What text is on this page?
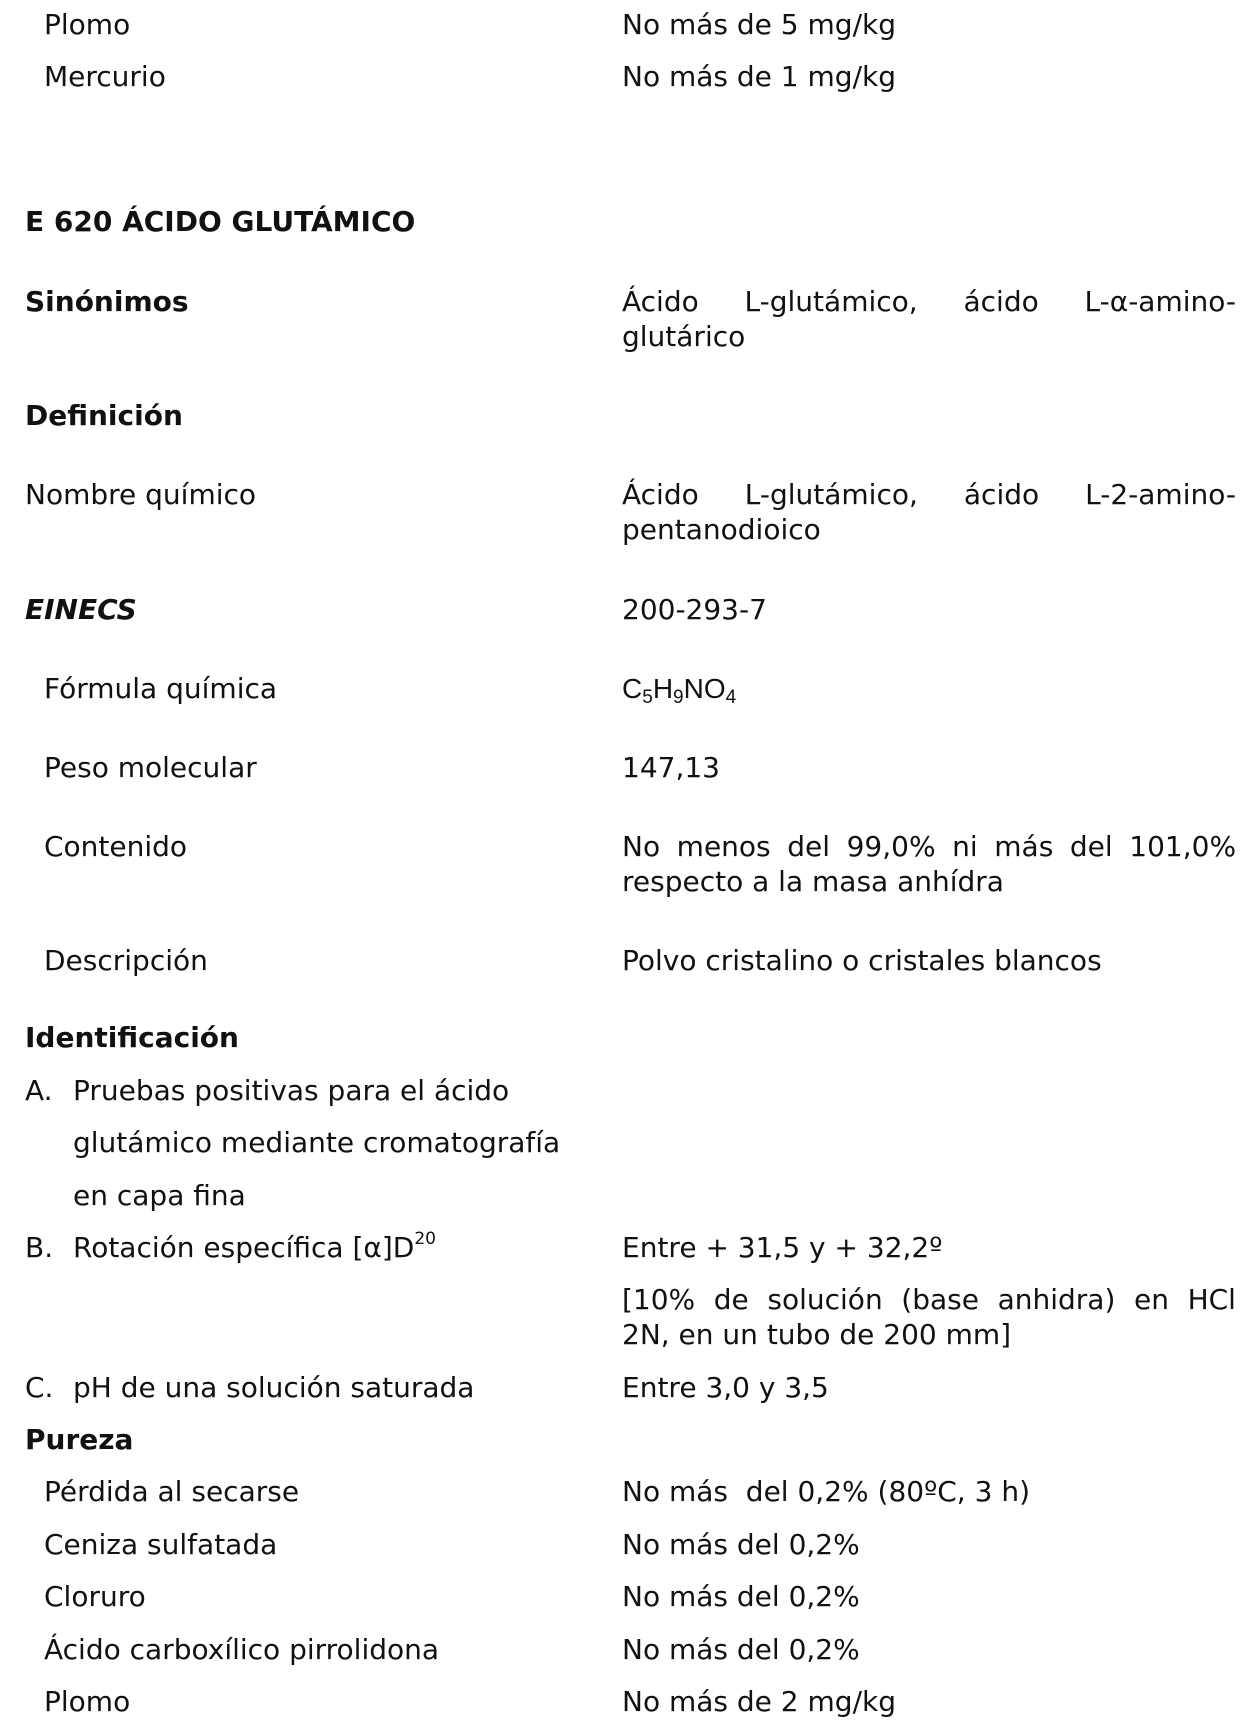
Plomo	No más de 5 mg/kg
Mercurio	No más de 1 mg/kg
E 620 ÁCIDO GLUTÁMICO
Sinónimos	Ácido L-glutámico, ácido L-α-amino-
glutárico
Definición
Nombre químico	Ácido L-glutámico, ácido L-2-amino-
pentanodioico
EINECS	200-293-7
Fórmula química	$C_5H_9NO_4$
Peso molecular	147,13
Contenido	No menos del 99,0% ni más del 101,0%
respecto a la masa anhídra
Descripción	Polvo cristalino o cristales blancos
Identificación
A. Pruebas positivas para el ácido
glutámico mediante cromatografía
en capa fina
B. Rotación específica $[\alpha]D^{20}$	Entre + 31,5 y + 32,2º
[10% de solución (base anhidra) en HCl
2N, en un tubo de 200 mm]
C. pH de una solución saturada	Entre 3,0 y 3,5
Pureza
Pérdida al secarse	No más  del 0,2% (80ºC, 3 h)
Ceniza sulfatada	No más del 0,2%
Cloruro	No más del 0,2%
Ácido carboxílico pirrolidona	No más del 0,2%
Plomo	No más de 2 mg/kg
